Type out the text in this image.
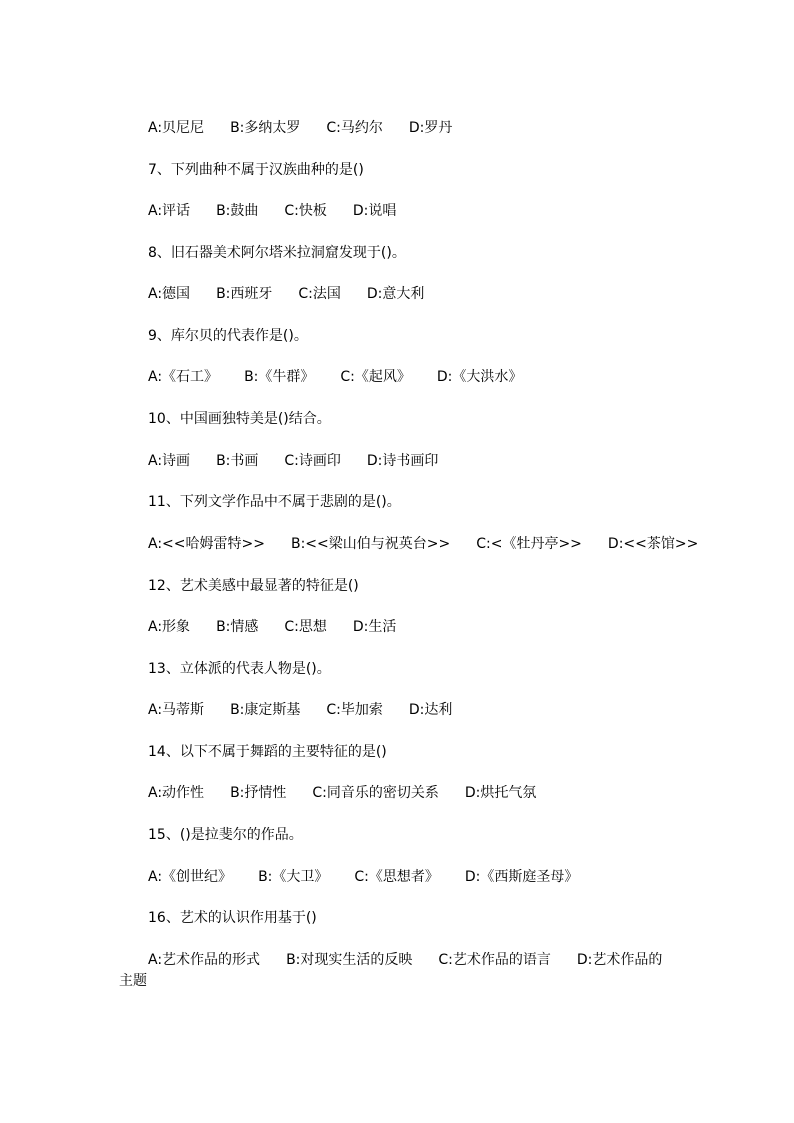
A:贝尼尼 B:多纳太罗 C:马约尔 D:罗丹
7、下列曲种不属于汉族曲种的是()
A:评话 B:鼓曲 C:快板 D:说唱
8、旧石器美术阿尔塔米拉洞窟发现于()。
A:德国 B:西班牙 C:法国 D:意大利
9、库尔贝的代表作是()。
A:《石工》 B:《牛群》 C:《起风》 D:《大洪水》
10、中国画独特美是()结合。
A:诗画 B:书画 C:诗画印 D:诗书画印
11、下列文学作品中不属于悲剧的是()。
A:<<哈姆雷特>> B:<<梁山伯与祝英台>> C:<《牡丹亭>> D:<<茶馆>>
12、艺术美感中最显著的特征是()
A:形象 B:情感 C:思想 D:生活
13、立体派的代表人物是()。
A:马蒂斯 B:康定斯基 C:毕加索 D:达利
14、以下不属于舞蹈的主要特征的是()
A:动作性 B:抒情性 C:同音乐的密切关系 D:烘托气氛
15、()是拉斐尔的作品。
A:《创世纪》 B:《大卫》 C:《思想者》 D:《西斯庭圣母》
16、艺术的认识作用基于()
A:艺术作品的形式 B:对现实生活的反映 C:艺术作品的语言 D:艺术作品的
主题
